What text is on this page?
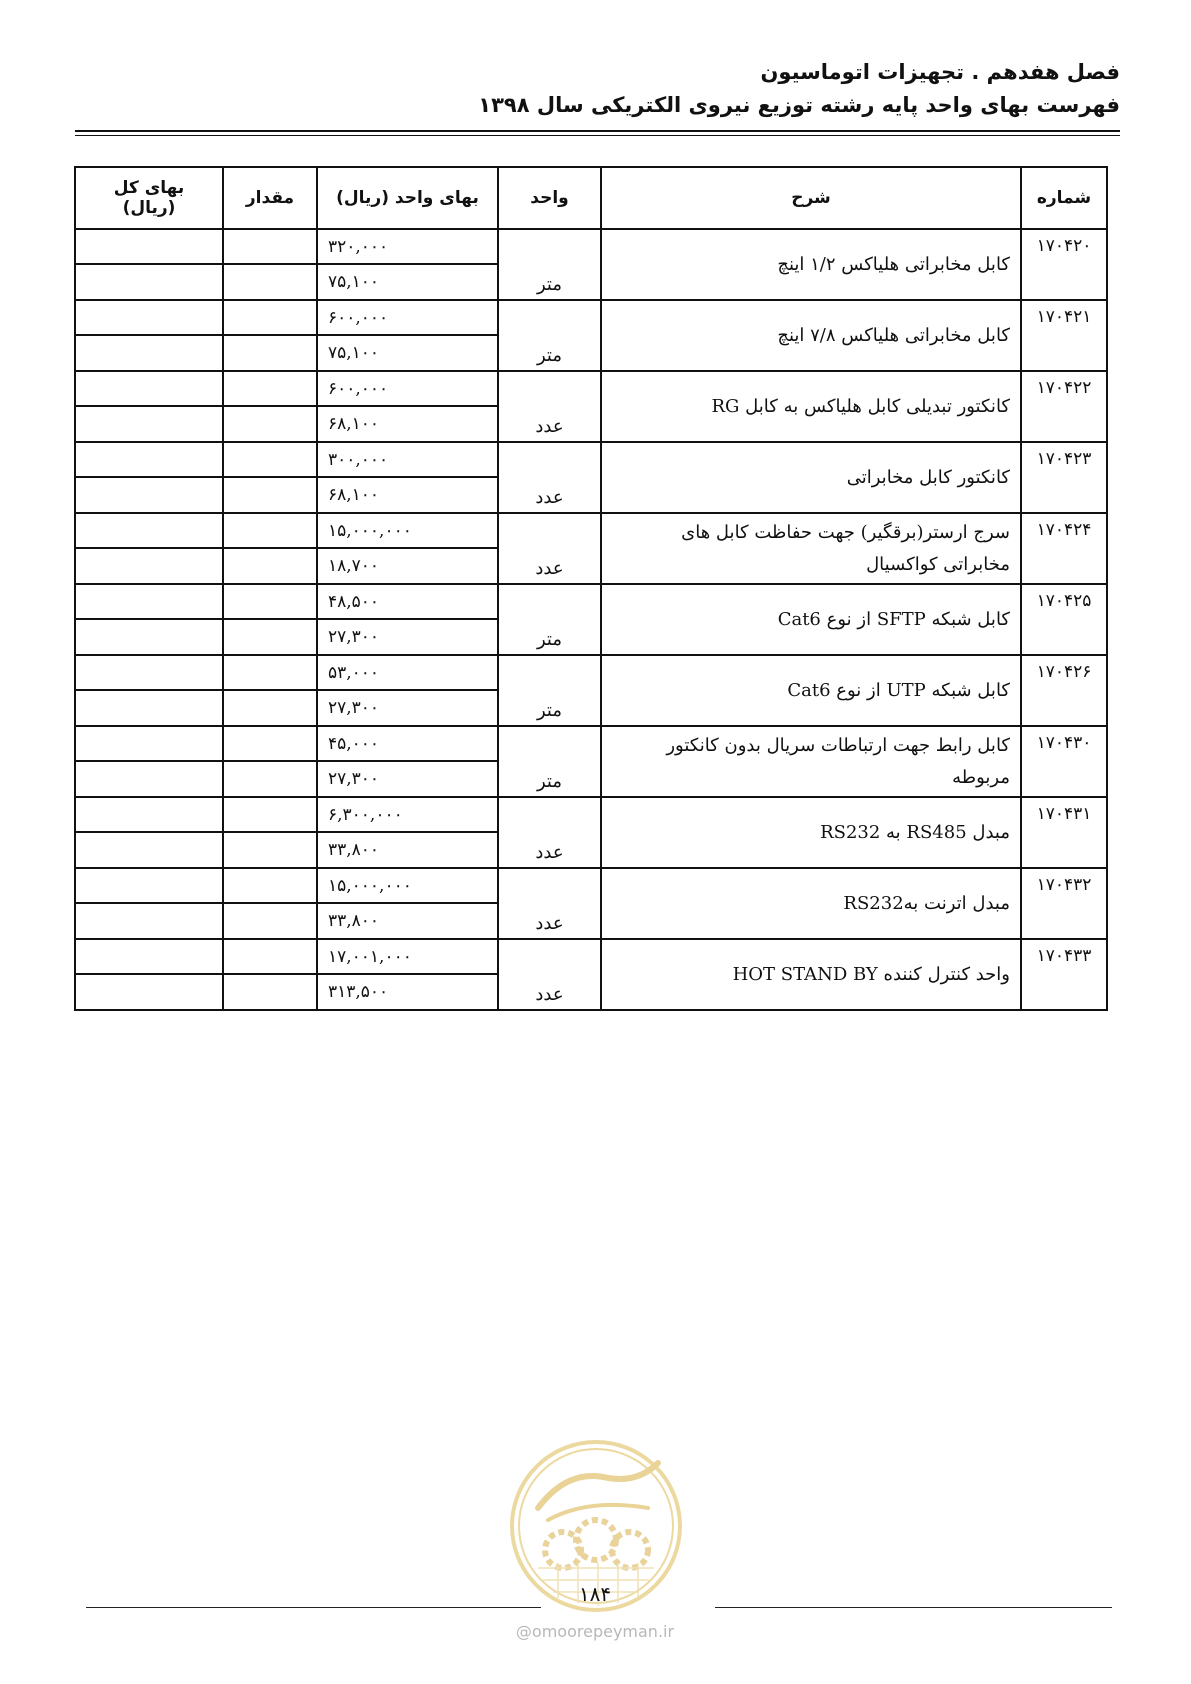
فصل هفدهم . تجهیزات اتوماسیون
فهرست بهای واحد پایه رشته توزیع نیروی الکتریکی سال ۱۳۹۸
شماره	شرح	واحد	بهای واحد (ریال)	مقدار	بهای کل (ریال)
۱۷۰۴۲۰	کابل مخابراتی هلیاکس ۱/۲ اینچ	متر	۳۲۰,۰۰۰		
			۷۵,۱۰۰		
۱۷۰۴۲۱	کابل مخابراتی هلیاکس ۷/۸ اینچ	متر	۶۰۰,۰۰۰		
			۷۵,۱۰۰		
۱۷۰۴۲۲	کانکتور تبدیلی کابل هلیاکس به کابل RG	عدد	۶۰۰,۰۰۰		
			۶۸,۱۰۰		
۱۷۰۴۲۳	کانکتور کابل مخابراتی	عدد	۳۰۰,۰۰۰		
			۶۸,۱۰۰		
۱۷۰۴۲۴	سرج ارستر(برقگیر) جهت حفاظت کابل های مخابراتی کواکسیال	عدد	۱۵,۰۰۰,۰۰۰		
			۱۸,۷۰۰		
۱۷۰۴۲۵	کابل شبکه SFTP از نوع Cat6	متر	۴۸,۵۰۰		
			۲۷,۳۰۰		
۱۷۰۴۲۶	کابل شبکه UTP از نوع Cat6	متر	۵۳,۰۰۰		
			۲۷,۳۰۰		
۱۷۰۴۳۰	کابل رابط جهت ارتباطات سریال بدون کانکتور مربوطه	متر	۴۵,۰۰۰		
			۲۷,۳۰۰		
۱۷۰۴۳۱	مبدل RS485 به RS232	عدد	۶,۳۰۰,۰۰۰		
			۳۳,۸۰۰		
۱۷۰۴۳۲	مبدل اترنت بهRS232	عدد	۱۵,۰۰۰,۰۰۰		
			۳۳,۸۰۰		
۱۷۰۴۳۳	واحد کنترل کننده HOT STAND BY	عدد	۱۷,۰۰۱,۰۰۰		
			۳۱۳,۵۰۰		
۱۸۴
@omoorepeyman.ir
